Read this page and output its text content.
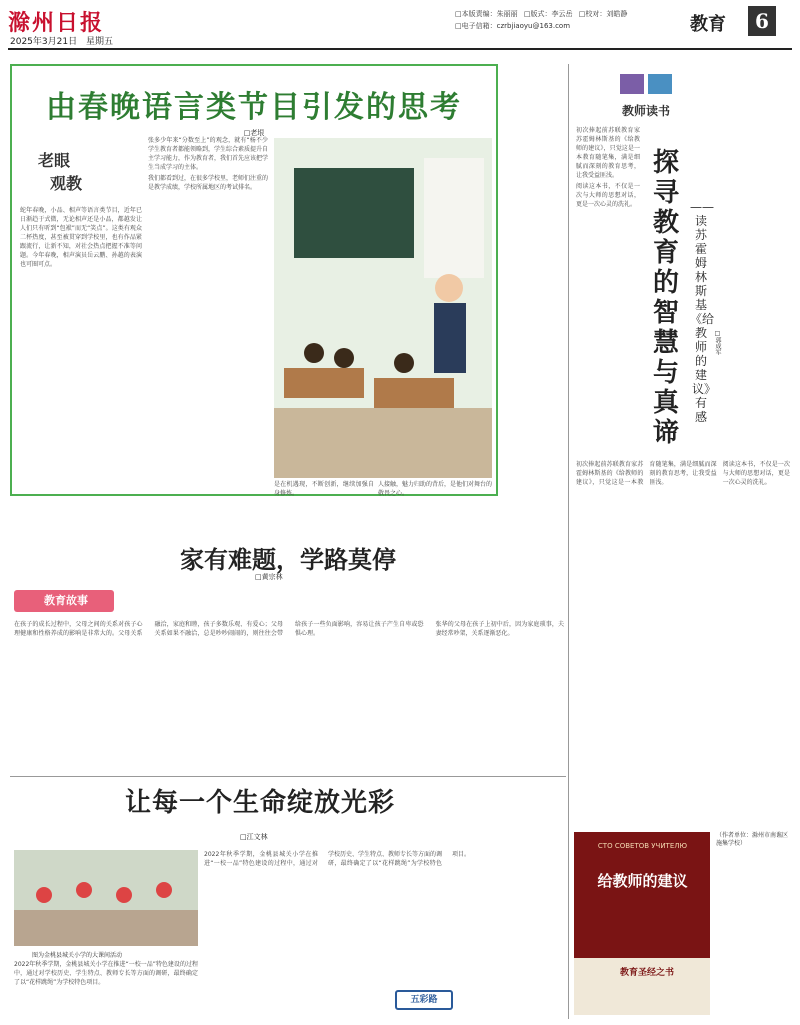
滁州日报
2025年3月21日 星期五
□本版责编：朱丽丽 □版式：李云岳 □校对：刘皓静
□电子信箱：czrbjiaoyu@163.com	教育	6
由春晚语言类节目引发的思考
□老垠
老眼
观教

蛇年春晚，小品、相声等语言类节目，近年已日渐趋于式微，无论相声还是小品，都越发让人们只有听到“包袱”而无“笑点”。这类有观众二杯热度，甚至被贯穿到学校里，也有作品紧跟流行，让新不知，对社会热点把握不准等问题。今年春晚，相声演员岳云鹏、孙越的表演也可圈可点。

张多少年来“分数至上”的观念，就有“杨不少学生教育者都能领略到，学生综合素质提升自主学习能力，作为教育者，我们首先应该把学生当成学习的主体。

我们都看到过，在很多学校里，老师们注重的是教学成绩，学校所属地区的考试排名。

是在机遇现，不断创新，继续加强自身修炼。

人接触，魅力归助的背后，是他们对舞台的敬畏之心。

家有难题，学路莫停
□黄宗林
教育故事

在孩子的成长过程中，父母之间的关系对孩子心理健康和性格养成的影响是非常大的。父母关系融洽，家庭和睦，孩子多数乐观、有爱心；父母关系如果不融洽，总是吵吵闹闹的，则往往会带给孩子一些负面影响，容易让孩子产生自卑或恐惧心理。

张华的父母在孩子上初中后，因为家庭琐事，夫妻经常吵架，关系逐渐恶化。

让每一个生命绽放光彩
□江文林
图为金桃县城关小学的大课间活动

2022年秋季学期，金桃县城关小学在推进“一校一品”特色建设的过程中，通过对学校历史、学生特点、教师专长等方面的调研，最终确定了以“花样跳绳”为学校特色项目。

2022年秋季学期，金桃县城关小学在推进“一校一品”特色建设的过程中，通过对学校历史、学生特点、教师专长等方面的调研，最终确定了以“花样跳绳”为学校特色项目。

五彩路
教师读书

初次捧起前苏联教育家苏霍姆林斯基的《给教师的建议》，只觉这是一本教育随笔集，满是细腻而深刻的教育思考，让我受益匪浅。

阅读这本书，不仅是一次与大师的思想对话，更是一次心灵的洗礼。

探寻教育的智慧与真谛
——读苏霍姆林斯基《给教师的建议》有感
□郭成军

初次捧起前苏联教育家苏霍姆林斯基的《给教师的建议》，只觉这是一本教育随笔集，满是细腻而深刻的教育思考，让我受益匪浅。

阅读这本书，不仅是一次与大师的思想对话，更是一次心灵的洗礼。

（作者单位：滁州市南谯区施集学校）
СТО СОВЕТОВ УЧИТЕЛЮ
给教师的建议
教育圣经之书
